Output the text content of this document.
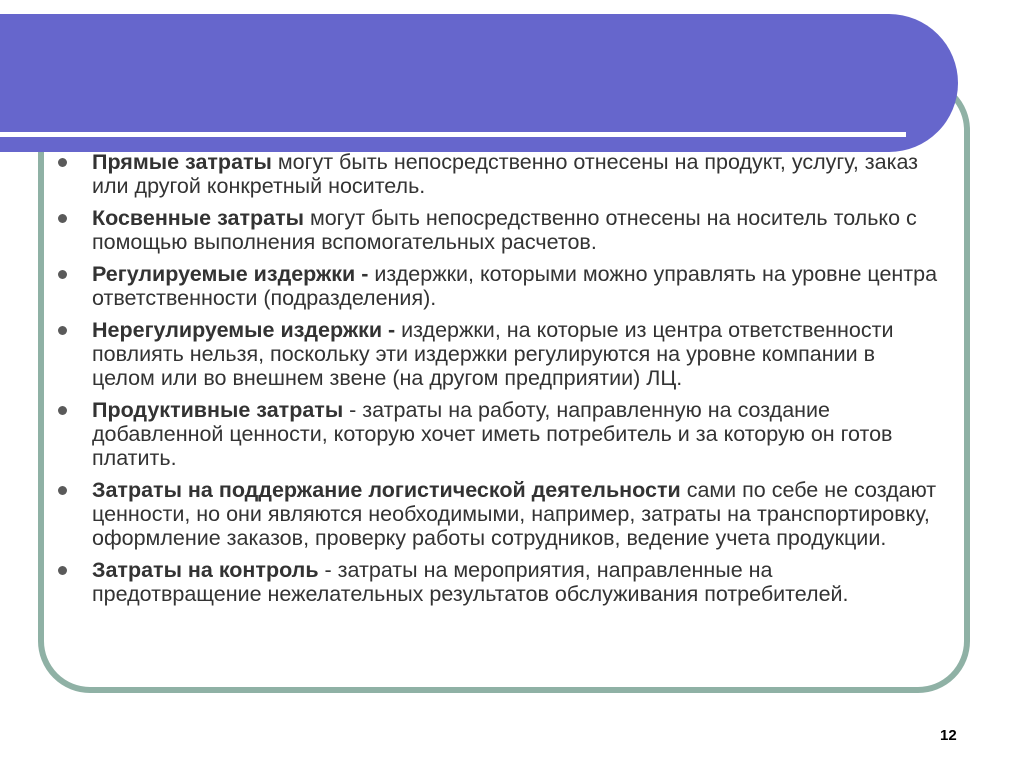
Прямые затраты могут быть непосредственно отнесены на продукт, услугу, заказ или другой конкретный носитель.
Косвенные затраты могут быть непосредственно отнесены на носитель только с помощью выполнения вспомогательных расчетов.
Регулируемые издержки - издержки, которыми можно управлять на уровне центра ответственности (подразделения).
Нерегулируемые издержки - издержки, на которые из центра ответственности повлиять нельзя, поскольку эти издержки регулируются на уровне компании в целом или во внешнем звене (на другом предприятии) ЛЦ.
Продуктивные затраты - затраты на работу, направленную на создание добавленной ценности, которую хочет иметь потребитель и за которую он готов платить.
Затраты на поддержание логистической деятельности сами по себе не создают ценности, но они являются необходимыми, например, затраты на транспортировку, оформление заказов, проверку работы сотрудников, ведение учета продукции.
Затраты на контроль - затраты на мероприятия, направленные на предотвращение нежелательных результатов обслуживания потребителей.
12
